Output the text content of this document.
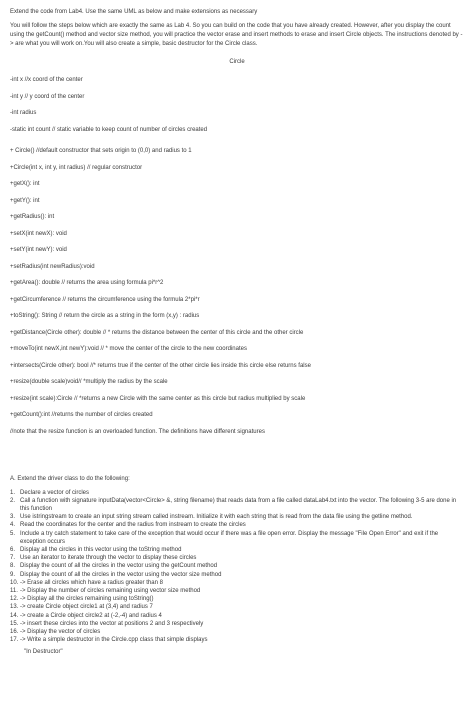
Extend the code from Lab4. Use the same UML as below and make extensions as necessary

You will follow the steps below which are exactly the same as Lab 4. So you can build on the code that you have already created. However, after you display the count using the getCount() method and vector size method, you will practice the vector erase and insert methods to erase and insert Circle objects. The instructions denoted by -> are what you will work on.You will also create a simple, basic destructor for the Circle class.

Circle

-int x //x coord of the center

-int y // y coord of the center

-int radius

-static int count // static variable to keep count of number of circles created

+ Circle() //default constructor that sets origin to (0,0) and radius to 1

+Circle(int x, int y, int radius) // regular constructor

+getX(): int

+getY(): int

+getRadius(): int

+setX(int newX): void

+setY(int newY): void

+setRadius(int newRadius):void

+getArea(): double // returns the area using formula pi*r^2

+getCircumference // returns the circumference using the formula 2*pi*r

+toString(): String // return the circle as a string in the form (x,y) : radius

+getDistance(Circle other): double // * returns the distance between the center of this circle and the other circle

+moveTo(int newX,int newY):void // * move the center of the circle to the new coordinates

+intersects(Circle other): bool //* returns true if the center of the other circle lies inside this circle else returns false

+resize(double scale)void// *multiply the radius by the scale

+resize(int scale):Circle // *returns a new Circle with the same center as this circle but radius multiplied by scale

+getCount():int //returns the number of circles created

//note that the resize function is an overloaded function. The definitions have different signatures

A. Extend the driver class to do the following:

1. Declare a vector of circles
2. Call a function with signature inputData(vector<Circle> &, string filename) that reads data from a file called dataLab4.txt into the vector. The following 3-5 are done in this function
3. Use istringstream to create an input string stream called instream. Initialize it with each string that is read from the data file using the getline method.
4. Read the coordinates for the center and the radius from instream to create the circles
5. Include a try catch statement to take care of the exception that would occur if there was a file open error. Display the message "File Open Error" and exit if the exception occurs
6. Display all the circles in this vector using the toString method
7. Use an iterator to iterate through the vector to display these circles
8. Display the count of all the circles in the vector using the getCount method
9. Display the count of all the circles in the vector using the vector size method
10. -> Erase all circles which have a radius greater than 8
11. -> Display the number of circles remaining using vector size method
12. -> Display all the circles remaining using toString()
13. -> create Circle object circle1 at (3,4) and radius 7
14. -> create a Circle object circle2 at (-2,-4) and radius 4
15. -> insert these circles into the vector at positions 2 and 3 respectively
16. -> Display the vector of circles
17. -> Write a simple destructor in the Circle.cpp class that simple displays

"In Destructor"
